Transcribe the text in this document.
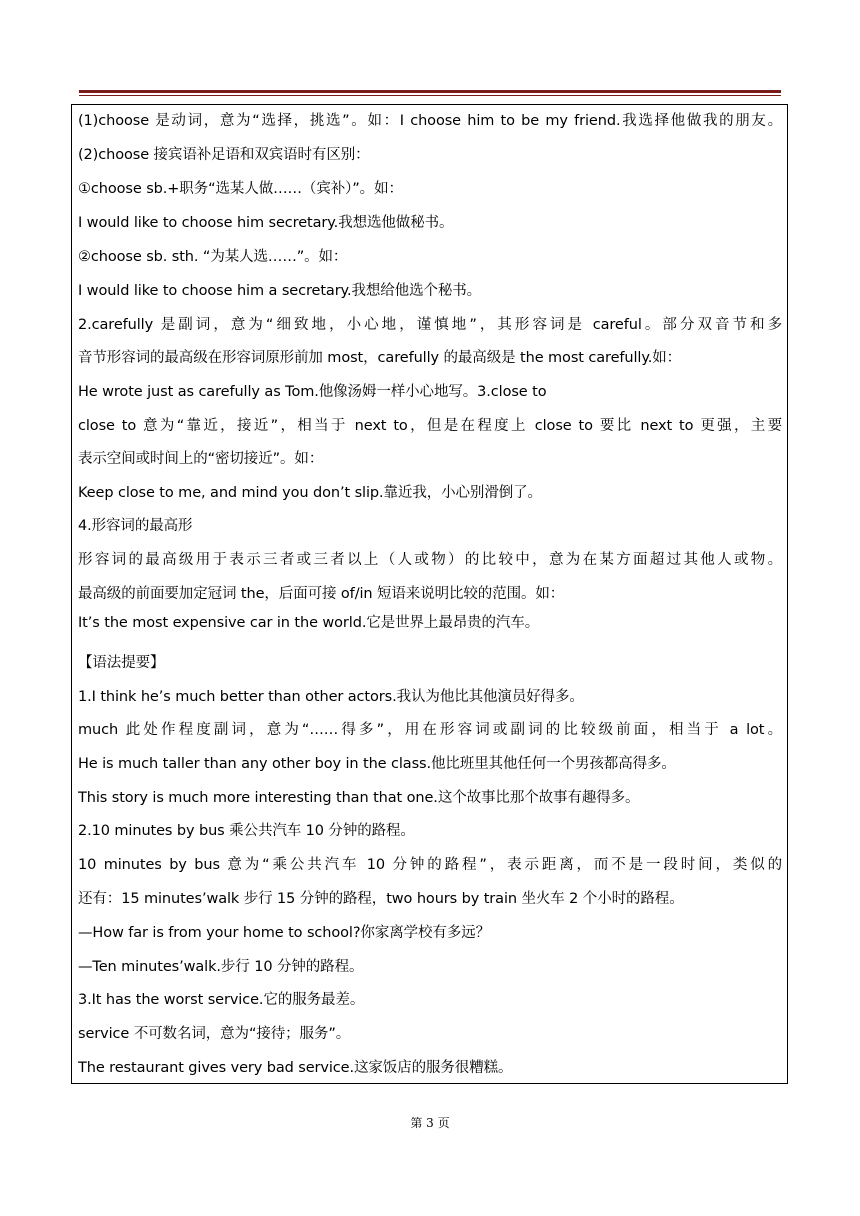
(1)choose 是动词，意为“选择，挑选”。如：I choose him to be my friend.我选择他做我的朋友。
(2)choose 接宾语补足语和双宾语时有区别：
①choose sb.+职务“选某人做……（宾补）”。如：
I would like to choose him secretary.我想选他做秘书。
②choose sb. sth. “为某人选……”。如：
I would like to choose him a secretary.我想给他选个秘书。
2.carefully 是副词，意为“细致地，小心地，谨慎地”，其形容词是 careful。部分双音节和多
音节形容词的最高级在形容词原形前加 most，carefully 的最高级是 the most carefully.如：
He wrote just as carefully as Tom.他像汤姆一样小心地写。3.close to
close to 意为“靠近，接近”，相当于 next to，但是在程度上 close to 要比 next to 更强，主要
表示空间或时间上的“密切接近”。如：
Keep close to me, and mind you don’t slip.靠近我，小心别滑倒了。
4.形容词的最高形
形容词的最高级用于表示三者或三者以上（人或物）的比较中，意为在某方面超过其他人或物。
最高级的前面要加定冠词 the，后面可接 of/in 短语来说明比较的范围。如：
It’s the most expensive car in the world.它是世界上最昂贵的汽车。
【语法提要】
1.I think he’s much better than other actors.我认为他比其他演员好得多。
much 此处作程度副词，意为“……得多”，用在形容词或副词的比较级前面，相当于 a lot。
He is much taller than any other boy in the class.他比班里其他任何一个男孩都高得多。
This story is much more interesting than that one.这个故事比那个故事有趣得多。
2.10 minutes by bus 乘公共汽车 10 分钟的路程。
10 minutes by bus 意为“乘公共汽车 10 分钟的路程”，表示距离，而不是一段时间，类似的
还有：15 minutes’walk 步行 15 分钟的路程，two hours by train 坐火车 2 个小时的路程。
—How far is from your home to school?你家离学校有多远？
—Ten minutes’walk.步行 10 分钟的路程。
3.It has the worst service.它的服务最差。
service 不可数名词，意为“接待；服务”。
The restaurant gives very bad service.这家饭店的服务很糟糕。
第 3 页
